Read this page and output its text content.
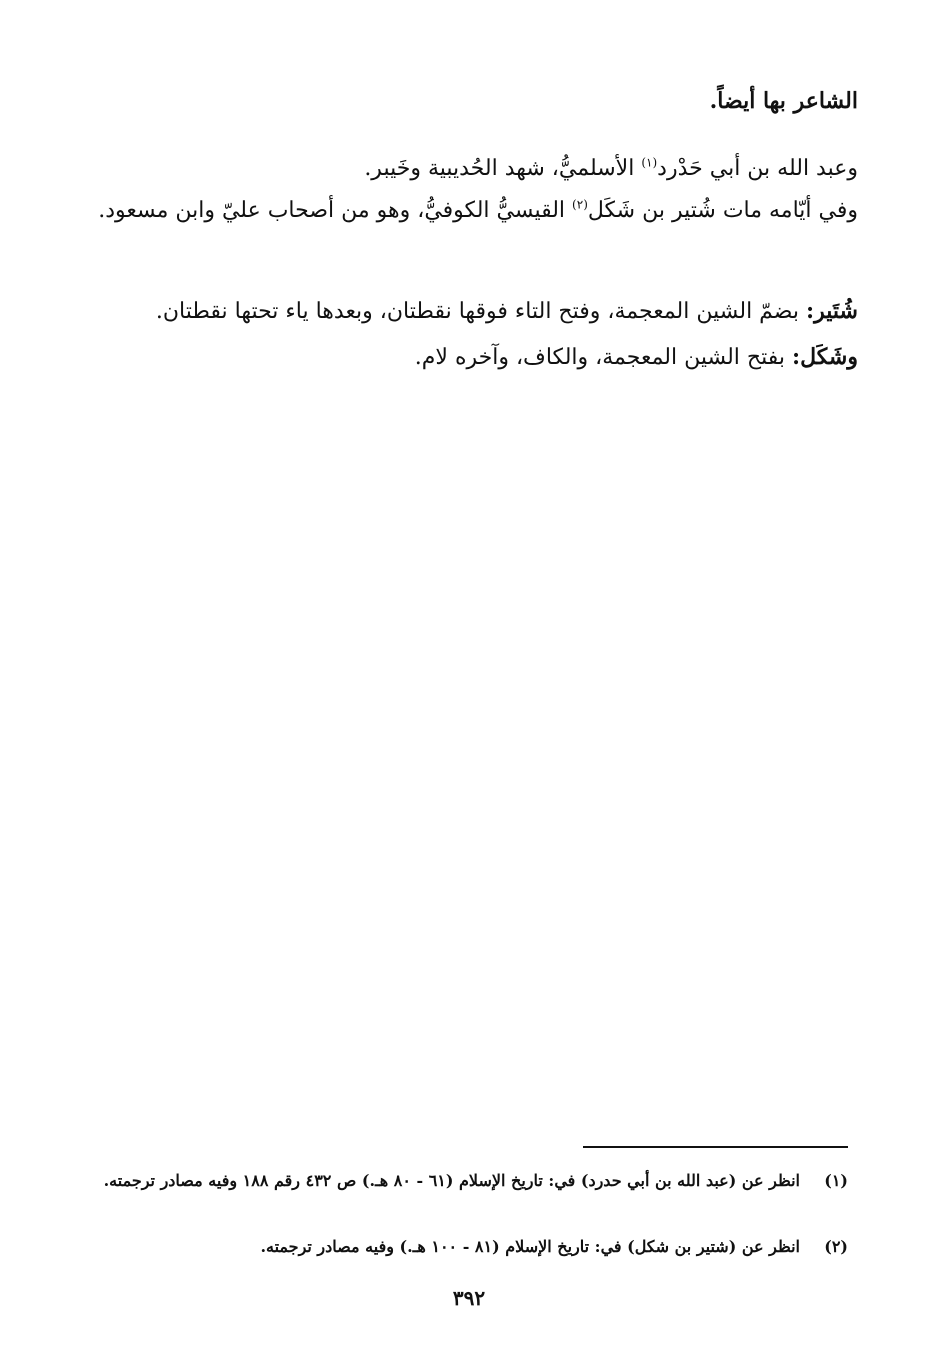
الشاعر بها أيضاً.
وعبد الله بن أبي حَدْرد$^{(١)}$ الأسلميُّ، شهد الحُديبية وخَيبر.
وفي أيّامه مات شُتير بن شَكَل$^{(٢)}$ القيسيُّ الكوفيُّ، وهو من أصحاب عليّ وابن مسعود.
شُتَير: بضمّ الشين المعجمة، وفتح التاء فوقها نقطتان، وبعدها ياء تحتها نقطتان.
وشَكَل: بفتح الشين المعجمة، والكاف، وآخره لام.
(١)
انظر عن (عبد الله بن أبي حدرد) في: تاريخ الإسلام (٦١ - ٨٠ هـ.) ص ٤٣٢ رقم ١٨٨ وفيه مصادر ترجمته.
(٢)
انظر عن (شتير بن شكل) في: تاريخ الإسلام (٨١ - ١٠٠ هـ.) وفيه مصادر ترجمته.
٣٩٢
